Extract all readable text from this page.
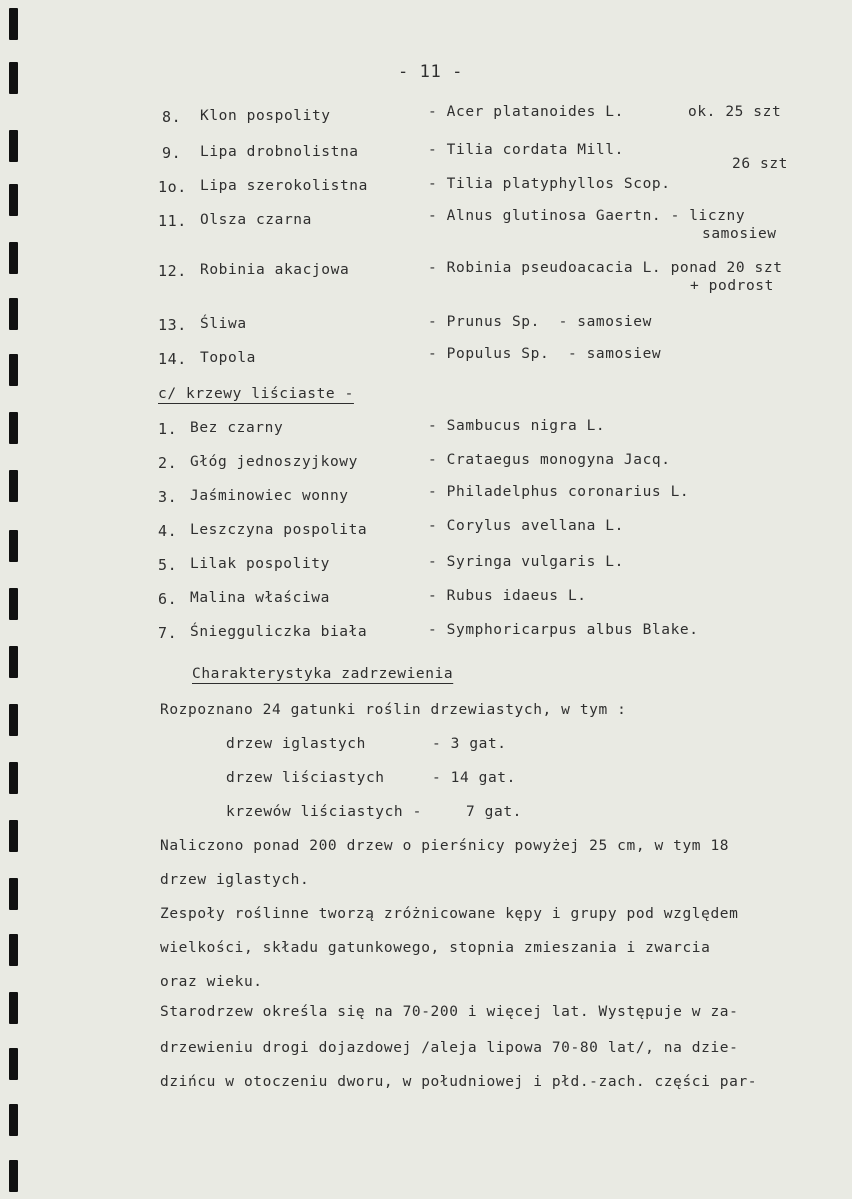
- 11 -
8. Klon pospolity	- Acer platanoides L.	ok. 25 szt
9. Lipa drobnolistna	- Tilia cordata Mill.
26 szt
1o. Lipa szerokolistna	- Tilia platyphyllos Scop.
11. Olsza czarna	- Alnus glutinosa Gaertn. - liczny
samosiew
12. Robinia akacjowa	- Robinia pseudoacacia L. ponad 20 szt
+ podrost
13. Śliwa	- Prunus Sp.  - samosiew
14. Topola	- Populus Sp.  - samosiew
c/ krzewy liściaste -
1. Bez czarny	- Sambucus nigra L.
2. Głóg jednoszyjkowy	- Crataegus monogyna Jacq.
3. Jaśminowiec wonny	- Philadelphus coronarius L.
4. Leszczyna pospolita	- Corylus avellana L.
5. Lilak pospolity	- Syringa vulgaris L.
6. Malina właściwa	- Rubus idaeus L.
7. Śniegguliczka biała	- Symphoricarpus albus Blake.
Charakterystyka zadrzewienia
Rozpoznano 24 gatunki roślin drzewiastych, w tym :
drzew iglastych	- 3 gat.
drzew liściastych	- 14 gat.
krzewów liściastych -	7 gat.
Naliczono ponad 200 drzew o pierśnicy powyżej 25 cm, w tym 18
drzew iglastych.
Zespoły roślinne tworzą zróżnicowane kępy i grupy pod względem
wielkości, składu gatunkowego, stopnia zmieszania i zwarcia
oraz wieku.
Starodrzew określa się na 70-200 i więcej lat. Występuje w za-
drzewieniu drogi dojazdowej /aleja lipowa 70-80 lat/, na dzie-
dzińcu w otoczeniu dworu, w południowej i płd.-zach. części par-
